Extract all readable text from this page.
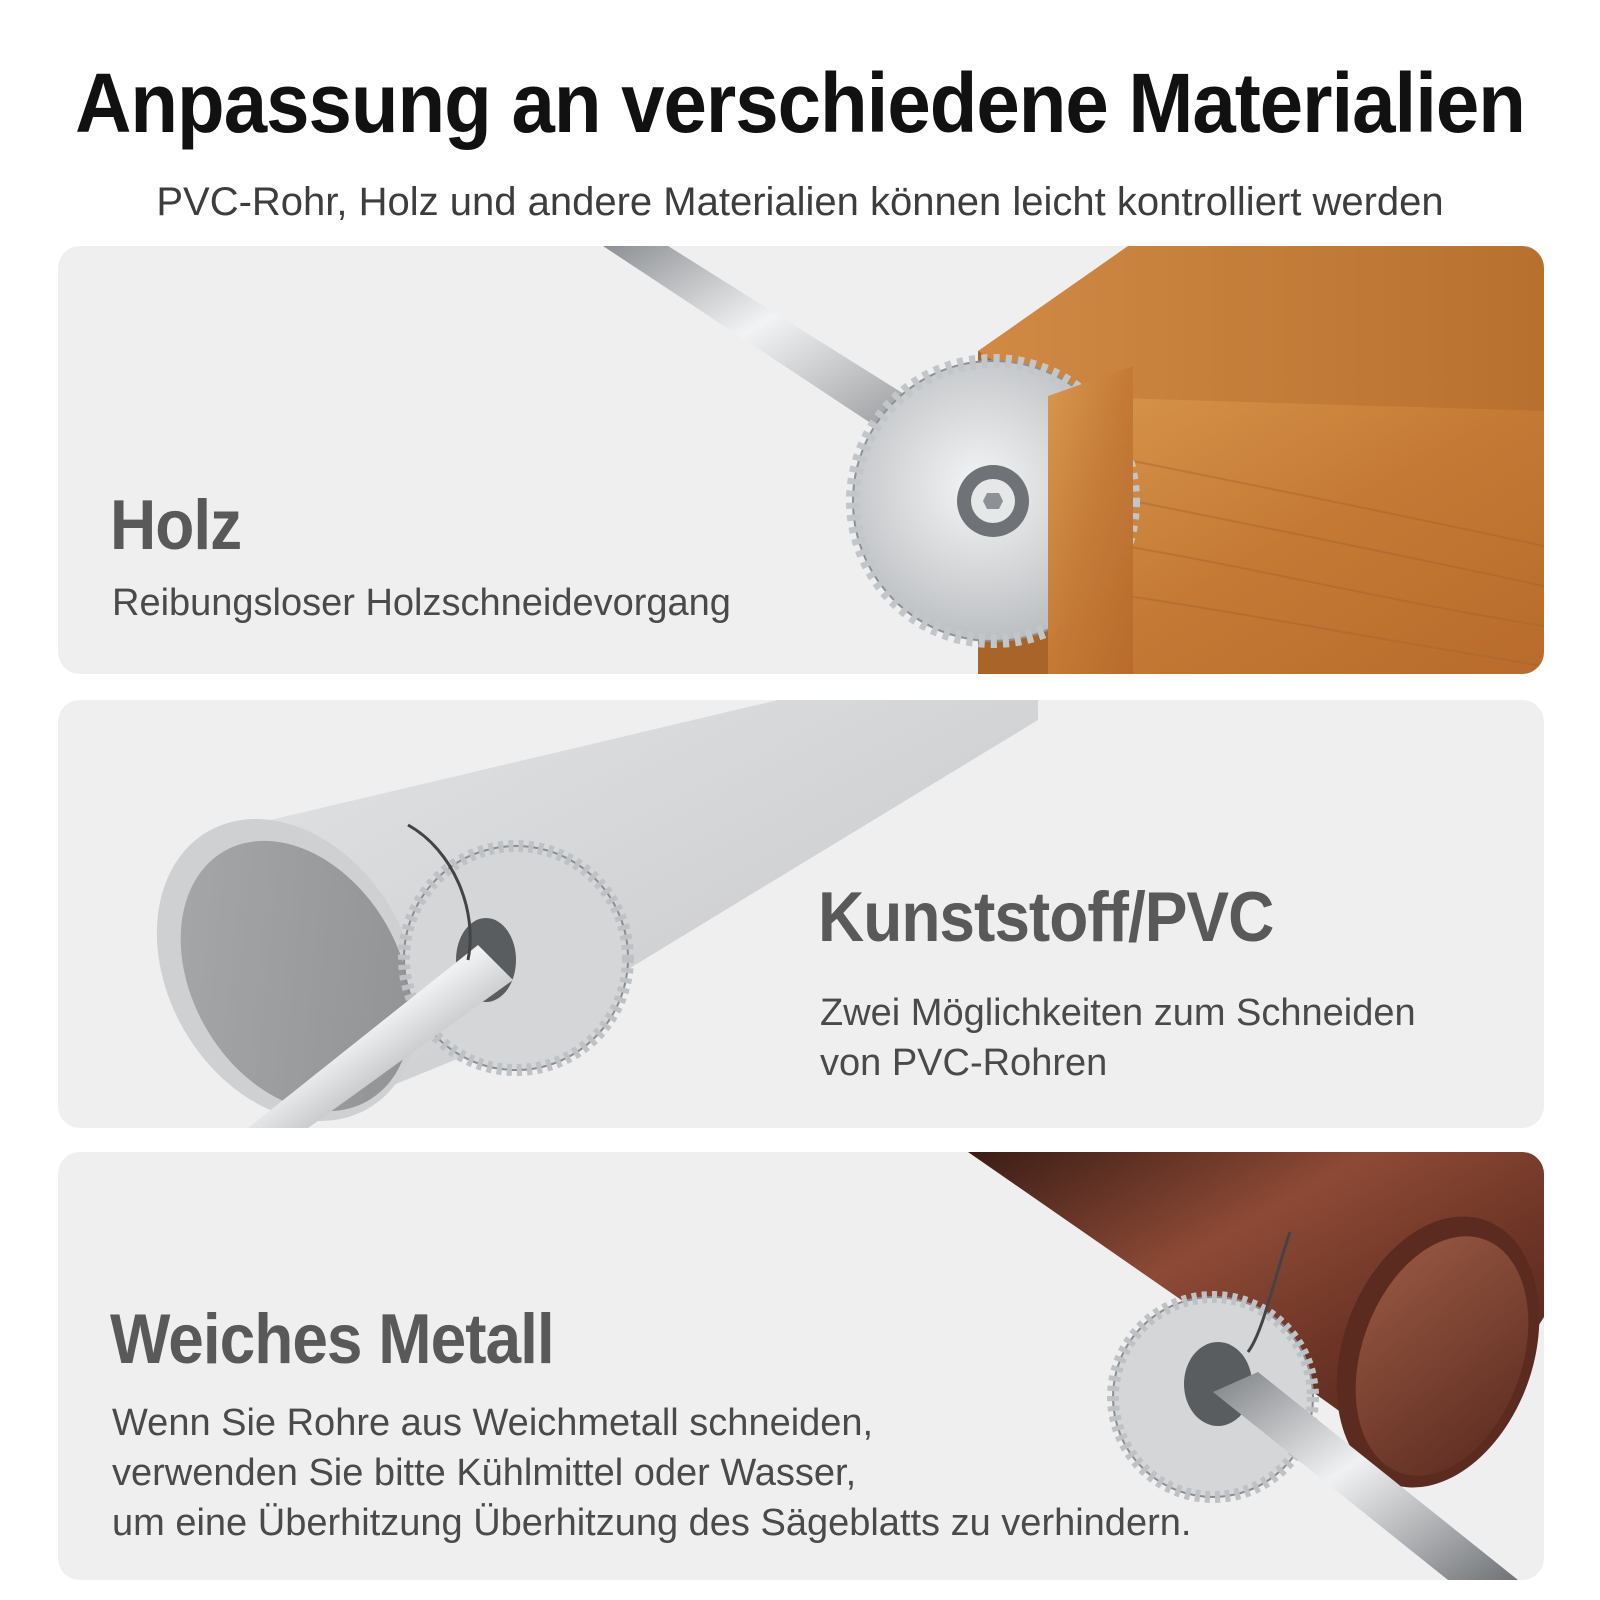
Anpassung an verschiedene Materialien
PVC-Rohr, Holz und andere Materialien können leicht kontrolliert werden
Holz
Reibungsloser Holzschneidevorgang
Kunststoff/PVC
Zwei Möglichkeiten zum Schneiden
von PVC-Rohren
Weiches Metall
Wenn Sie Rohre aus Weichmetall schneiden,
verwenden Sie bitte Kühlmittel oder Wasser,
um eine Überhitzung Überhitzung des Sägeblatts zu verhindern.
